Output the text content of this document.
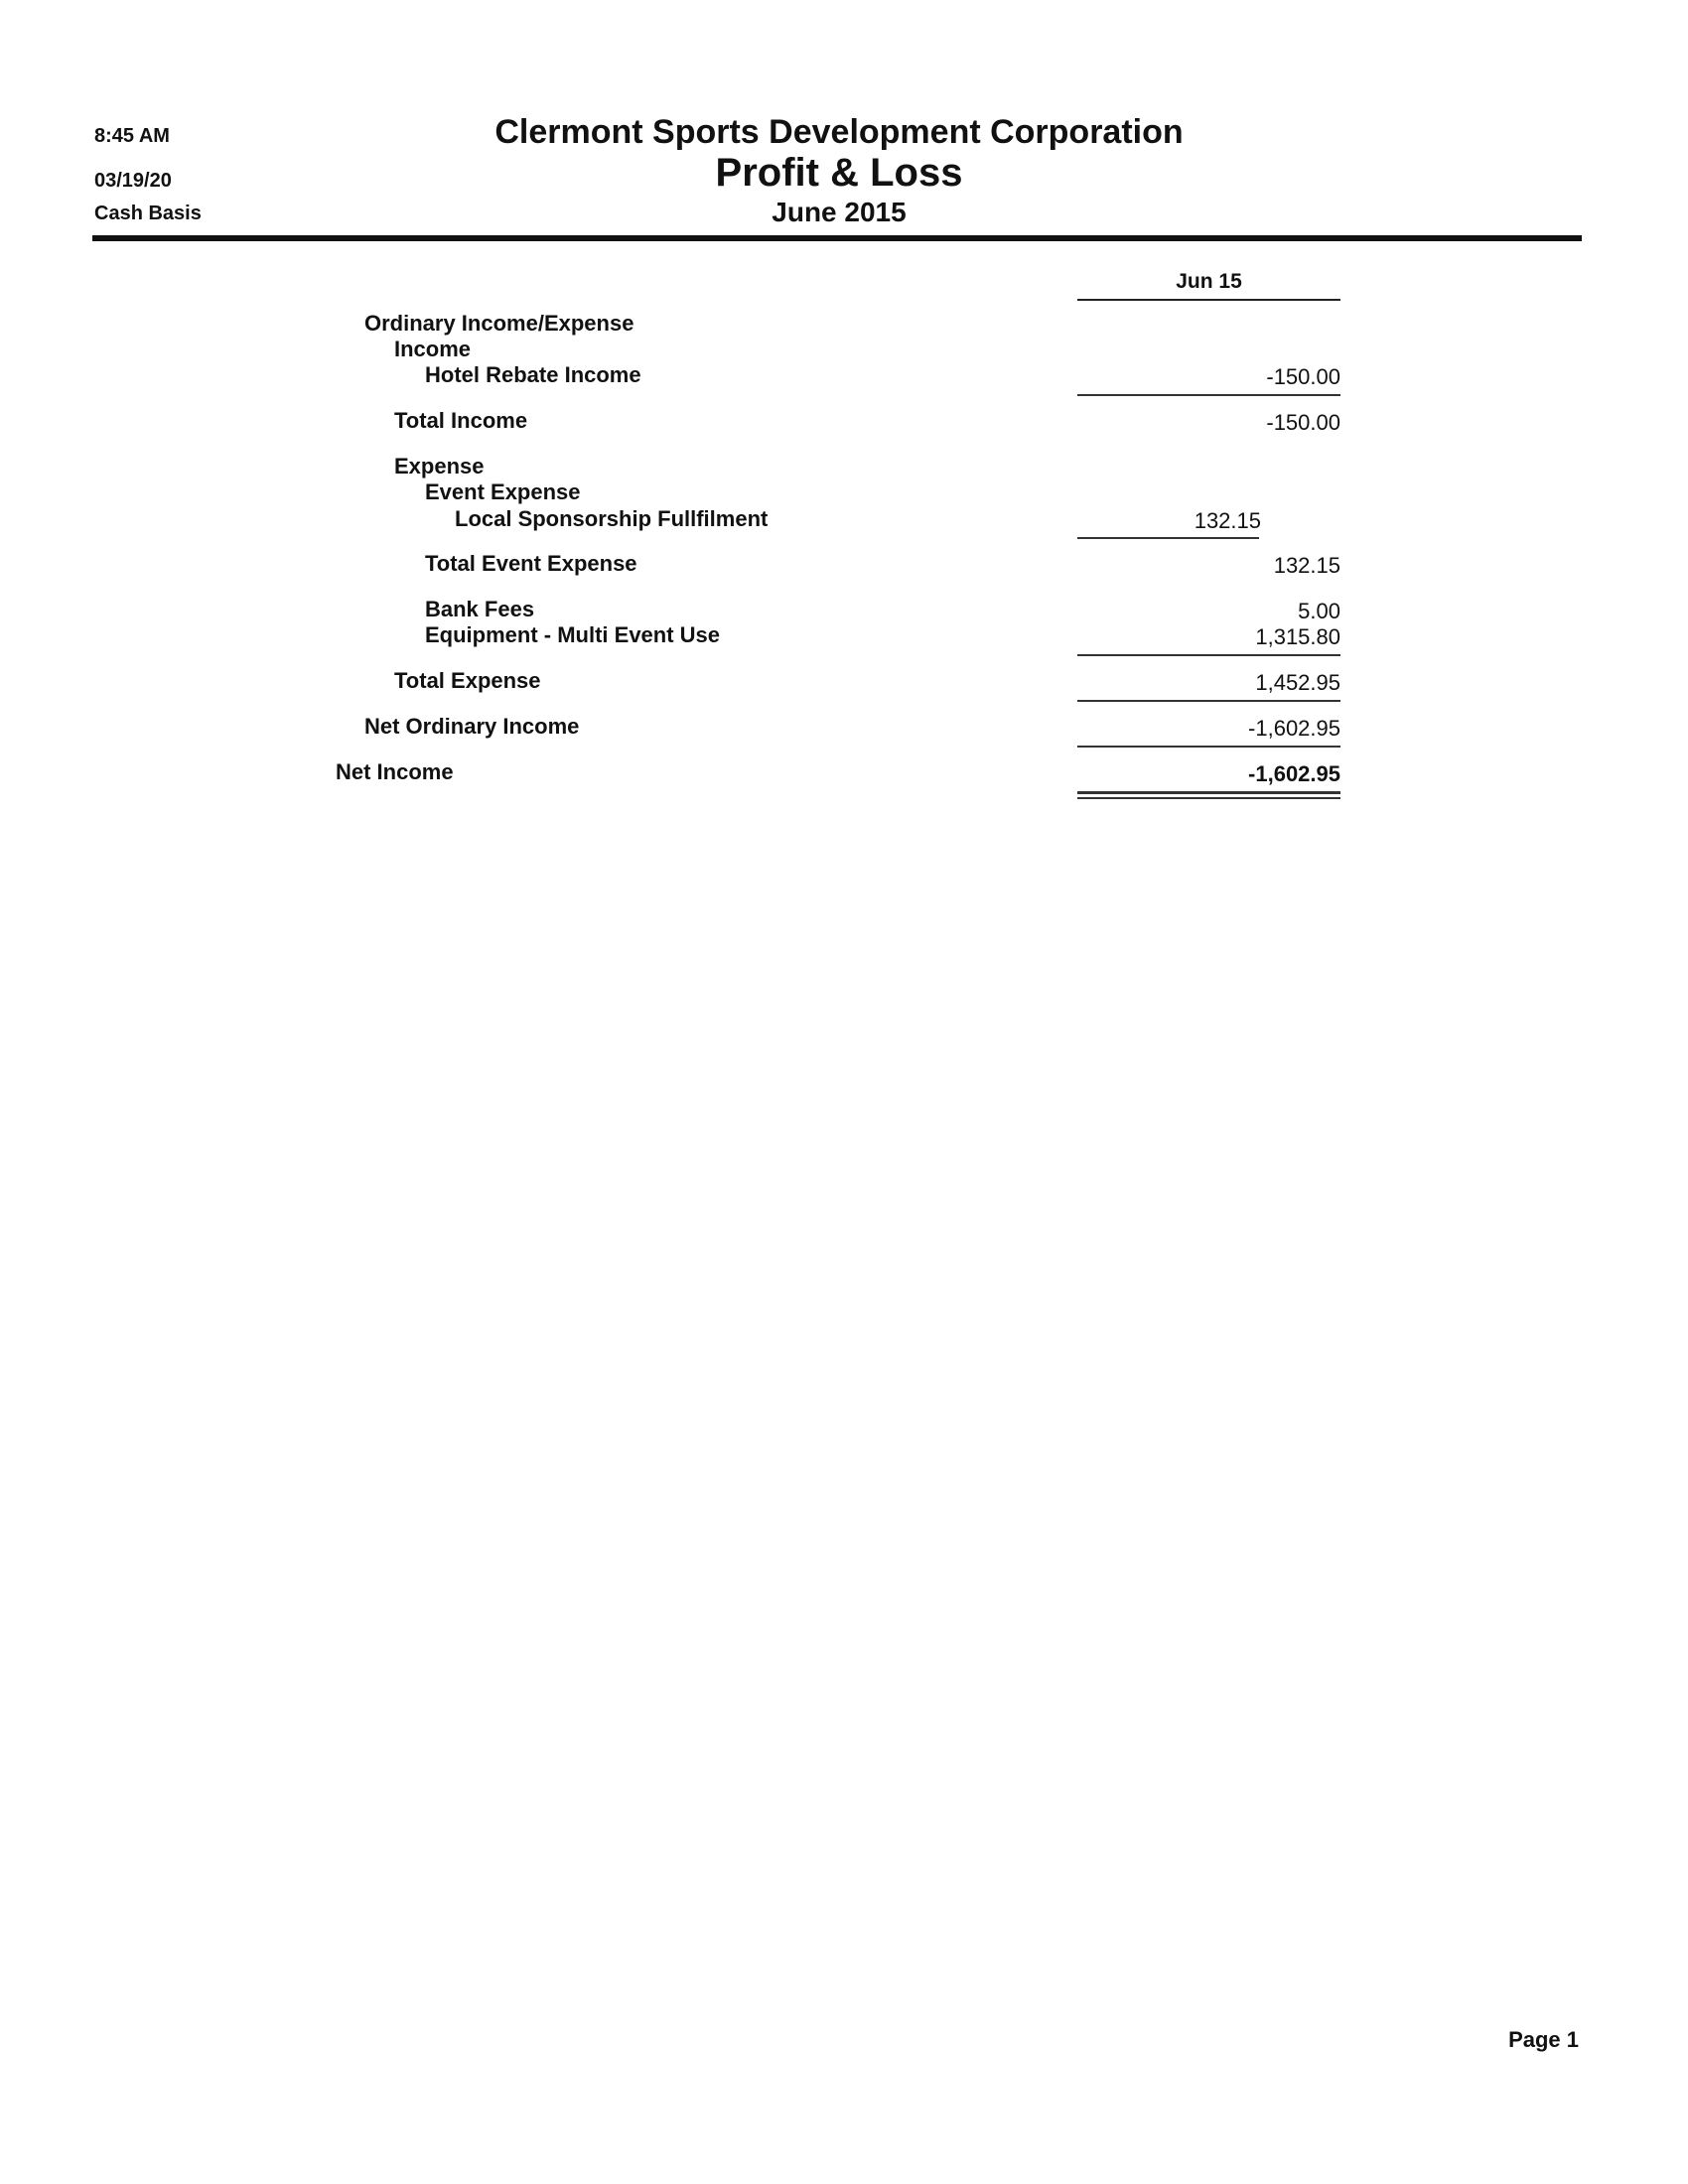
8:45 AM
03/19/20
Cash Basis
Clermont Sports Development Corporation
Profit & Loss
June 2015
Jun 15
Ordinary Income/Expense
Income
Hotel Rebate Income	-150.00
Total Income	-150.00
Expense
Event Expense
Local Sponsorship Fullfilment	132.15
Total Event Expense	132.15
Bank Fees	5.00
Equipment - Multi Event Use	1,315.80
Total Expense	1,452.95
Net Ordinary Income	-1,602.95
Net Income	-1,602.95
Page 1
